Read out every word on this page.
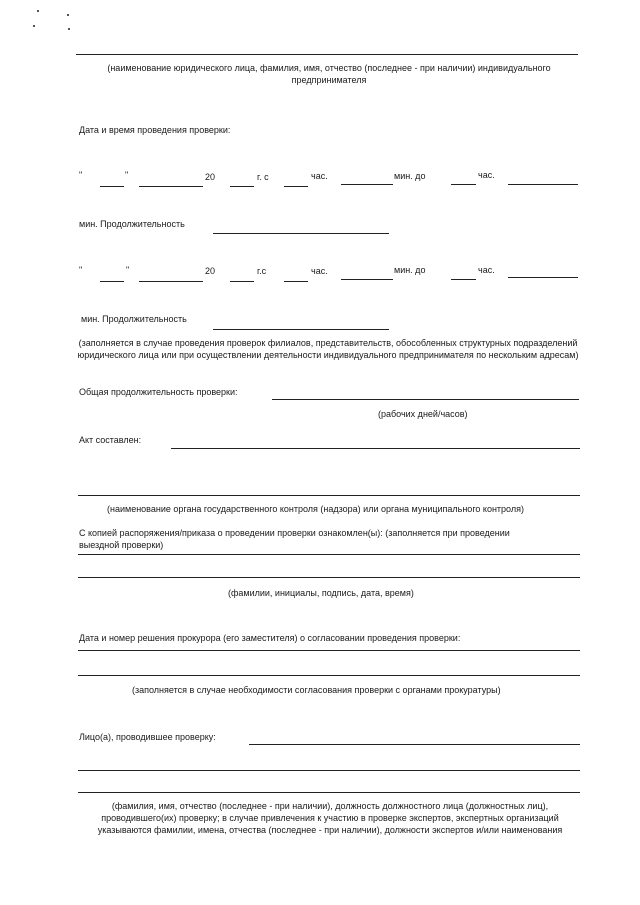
(наименование юридического лица, фамилия, имя, отчество (последнее - при наличии) индивидуального предпринимателя
Дата и время проведения проверки:
"	"	20	г. с	час.	мин. до	час.
мин. Продолжительность
"	"	20	г.с	час.	мин. до	час.
мин. Продолжительность
(заполняется в случае проведения проверок филиалов, представительств, обособленных структурных подразделений юридического лица или при осуществлении деятельности индивидуального предпринимателя по нескольким адресам)
Общая продолжительность проверки:
(рабочих дней/часов)
Акт составлен:
(наименование органа государственного контроля (надзора) или органа муниципального контроля)
С копией распоряжения/приказа о проведении проверки ознакомлен(ы): (заполняется при проведении выездной проверки)
(фамилии, инициалы, подпись, дата, время)
Дата и номер решения прокурора (его заместителя) о согласовании проведения проверки:
(заполняется в случае необходимости согласования проверки с органами прокуратуры)
Лицо(а), проводившее проверку:
(фамилия, имя, отчество (последнее - при наличии), должность должностного лица (должностных лиц), проводившего(их) проверку; в случае привлечения к участию в проверке экспертов, экспертных организаций указываются фамилии, имена, отчества (последнее - при наличии), должности экспертов и/или наименования
